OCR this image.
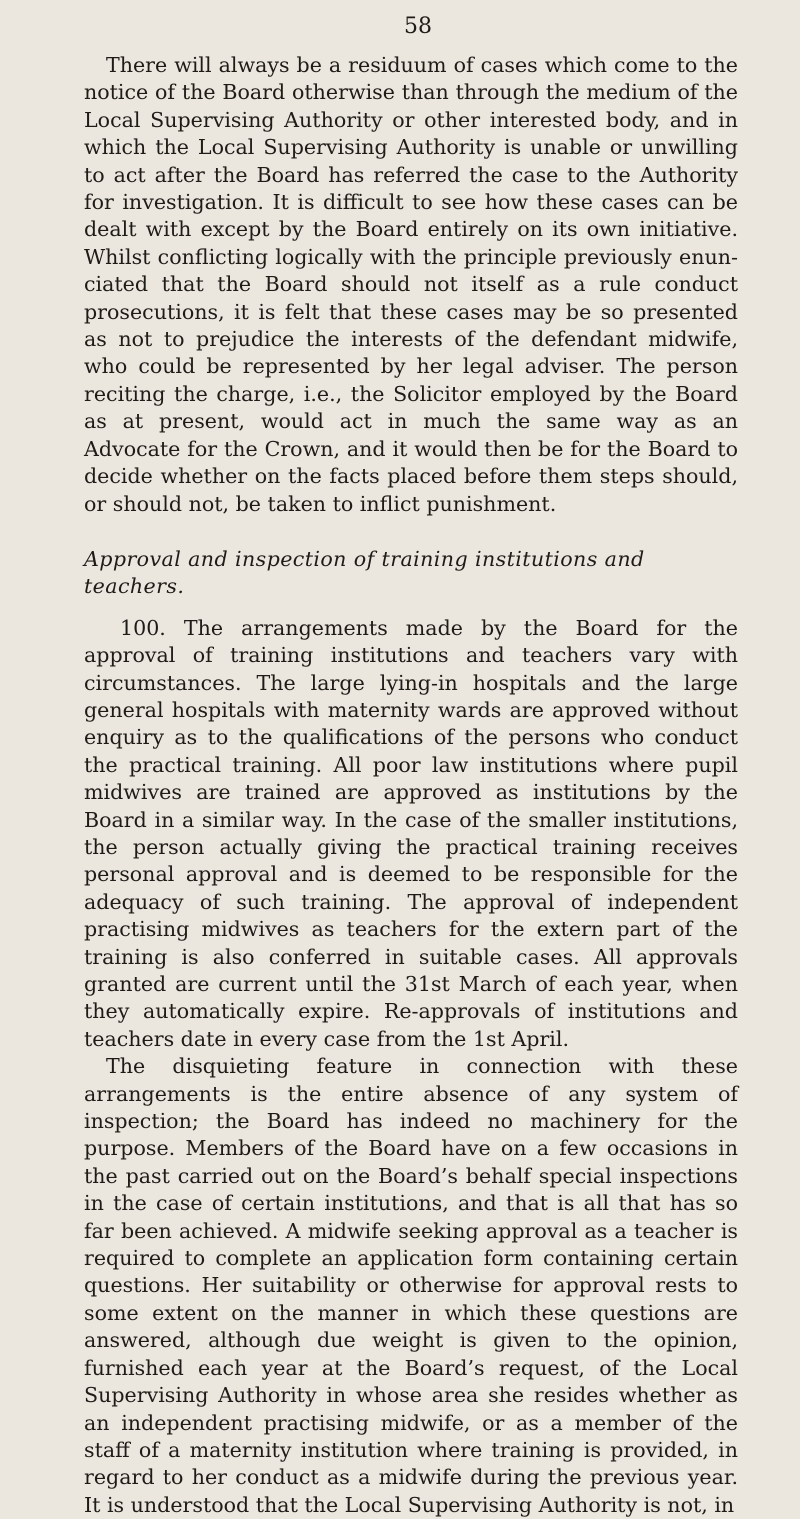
58

There will always be a residuum of cases which come to the notice of the Board otherwise than through the medium of the Local Supervising Authority or other interested body, and in which the Local Supervising Authority is unable or unwilling to act after the Board has referred the case to the Authority for investigation. It is difficult to see how these cases can be dealt with except by the Board entirely on its own initiative. Whilst conflicting logically with the principle previously enunciated that the Board should not itself as a rule conduct prosecutions, it is felt that these cases may be so presented as not to prejudice the interests of the defendant midwife, who could be represented by her legal adviser. The person reciting the charge, i.e., the Solicitor employed by the Board as at present, would act in much the same way as an Advocate for the Crown, and it would then be for the Board to decide whether on the facts placed before them steps should, or should not, be taken to inflict punishment.

Approval and inspection of training institutions and teachers.

100. The arrangements made by the Board for the approval of training institutions and teachers vary with circumstances. The large lying-in hospitals and the large general hospitals with maternity wards are approved without enquiry as to the qualifications of the persons who conduct the practical training. All poor law institutions where pupil midwives are trained are approved as institutions by the Board in a similar way. In the case of the smaller institutions, the person actually giving the practical training receives personal approval and is deemed to be responsible for the adequacy of such training. The approval of independent practising midwives as teachers for the extern part of the training is also conferred in suitable cases. All approvals granted are current until the 31st March of each year, when they automatically expire. Re-approvals of institutions and teachers date in every case from the 1st April.

The disquieting feature in connection with these arrangements is the entire absence of any system of inspection; the Board has indeed no machinery for the purpose. Members of the Board have on a few occasions in the past carried out on the Board’s behalf special inspections in the case of certain institutions, and that is all that has so far been achieved. A midwife seeking approval as a teacher is required to complete an application form containing certain questions. Her suitability or otherwise for approval rests to some extent on the manner in which these questions are answered, although due weight is given to the opinion, furnished each year at the Board’s request, of the Local Supervising Authority in whose area she resides whether as an independent practising midwife, or as a member of the staff of a maternity institution where training is provided, in regard to her conduct as a midwife during the previous year. It is understood that the Local Supervising Authority is not, in
